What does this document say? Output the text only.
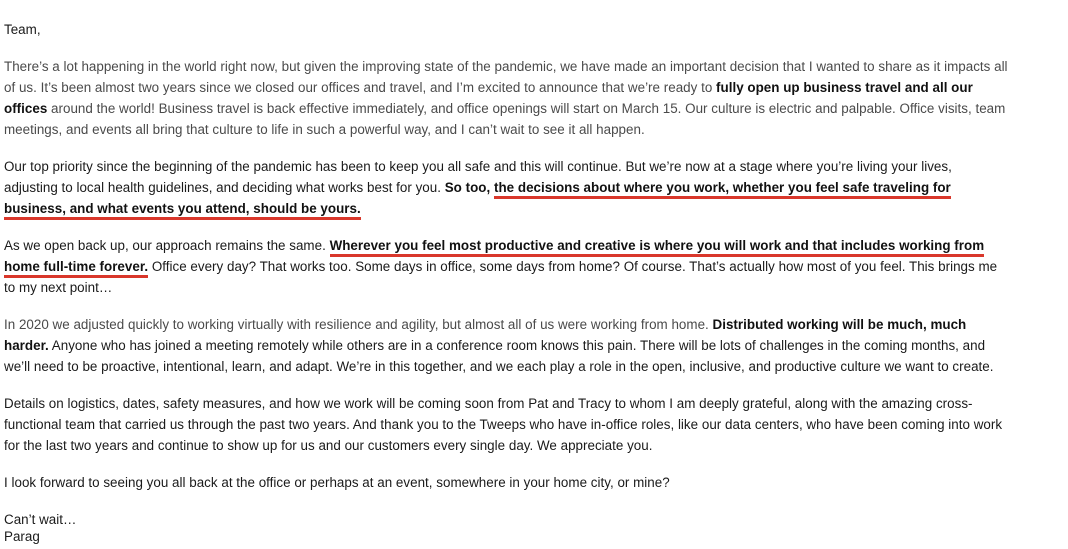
Team,
There’s a lot happening in the world right now, but given the improving state of the pandemic, we have made an important decision that I wanted to share as it impacts all
of us. It’s been almost two years since we closed our offices and travel, and I’m excited to announce that we’re ready to fully open up business travel and all our
offices around the world! Business travel is back effective immediately, and office openings will start on March 15. Our culture is electric and palpable. Office visits, team
meetings, and events all bring that culture to life in such a powerful way, and I can’t wait to see it all happen.
Our top priority since the beginning of the pandemic has been to keep you all safe and this will continue. But we’re now at a stage where you’re living your lives,
adjusting to local health guidelines, and deciding what works best for you. So too, the decisions about where you work, whether you feel safe traveling for
business, and what events you attend, should be yours.
As we open back up, our approach remains the same. Wherever you feel most productive and creative is where you will work and that includes working from
home full-time forever. Office every day? That works too. Some days in office, some days from home? Of course. That’s actually how most of you feel. This brings me
to my next point…
In 2020 we adjusted quickly to working virtually with resilience and agility, but almost all of us were working from home. Distributed working will be much, much
harder. Anyone who has joined a meeting remotely while others are in a conference room knows this pain. There will be lots of challenges in the coming months, and
we’ll need to be proactive, intentional, learn, and adapt. We’re in this together, and we each play a role in the open, inclusive, and productive culture we want to create.
Details on logistics, dates, safety measures, and how we work will be coming soon from Pat and Tracy to whom I am deeply grateful, along with the amazing cross-
functional team that carried us through the past two years. And thank you to the Tweeps who have in-office roles, like our data centers, who have been coming into work
for the last two years and continue to show up for us and our customers every single day. We appreciate you.
I look forward to seeing you all back at the office or perhaps at an event, somewhere in your home city, or mine?
Can’t wait…
Parag
